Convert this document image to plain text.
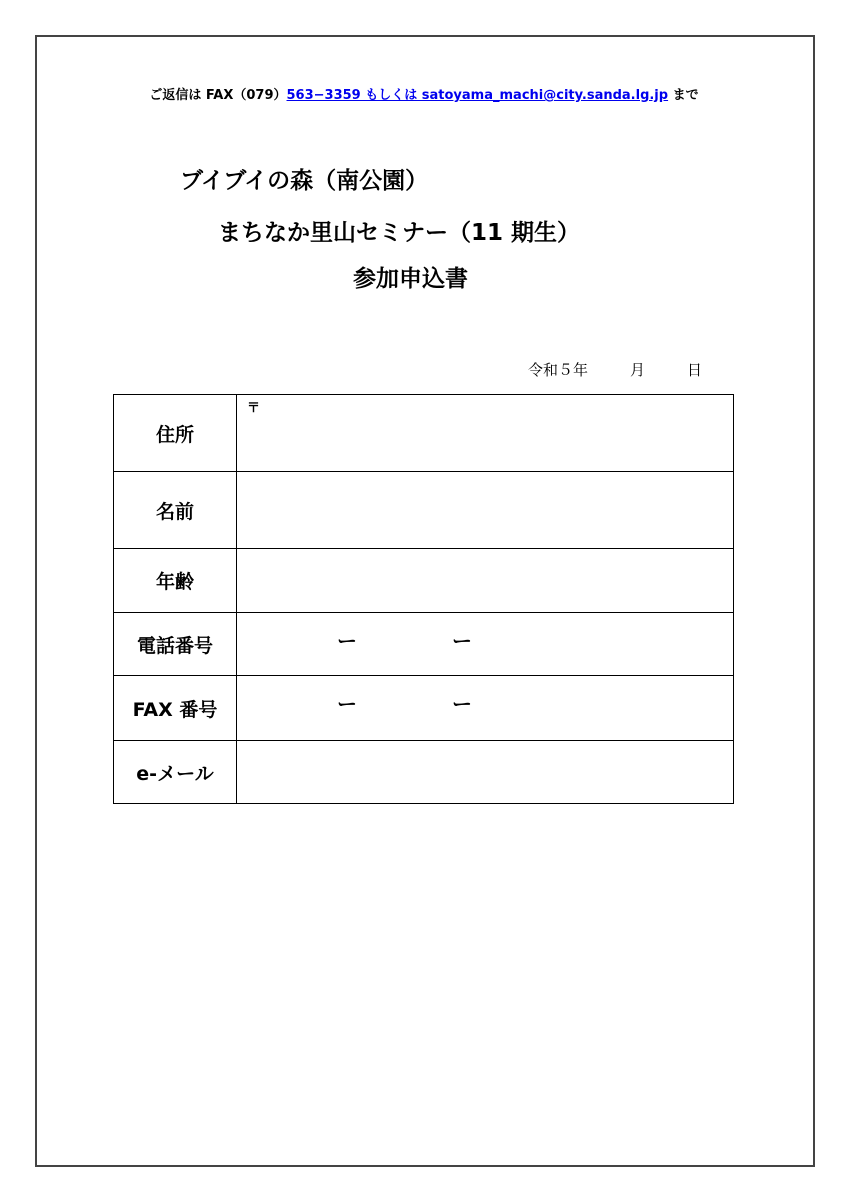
ご返信は FAX（079）563−3359 もしくは satoyama_machi@city.sanda.lg.jp まで
ブイブイの森（南公園）
まちなか里山セミナー（11 期生）
参加申込書
令和５年	月	日
住所	〒

名前	
年齢	
電話番号	ー ー

FAX 番号	ー ー

e-メール	
